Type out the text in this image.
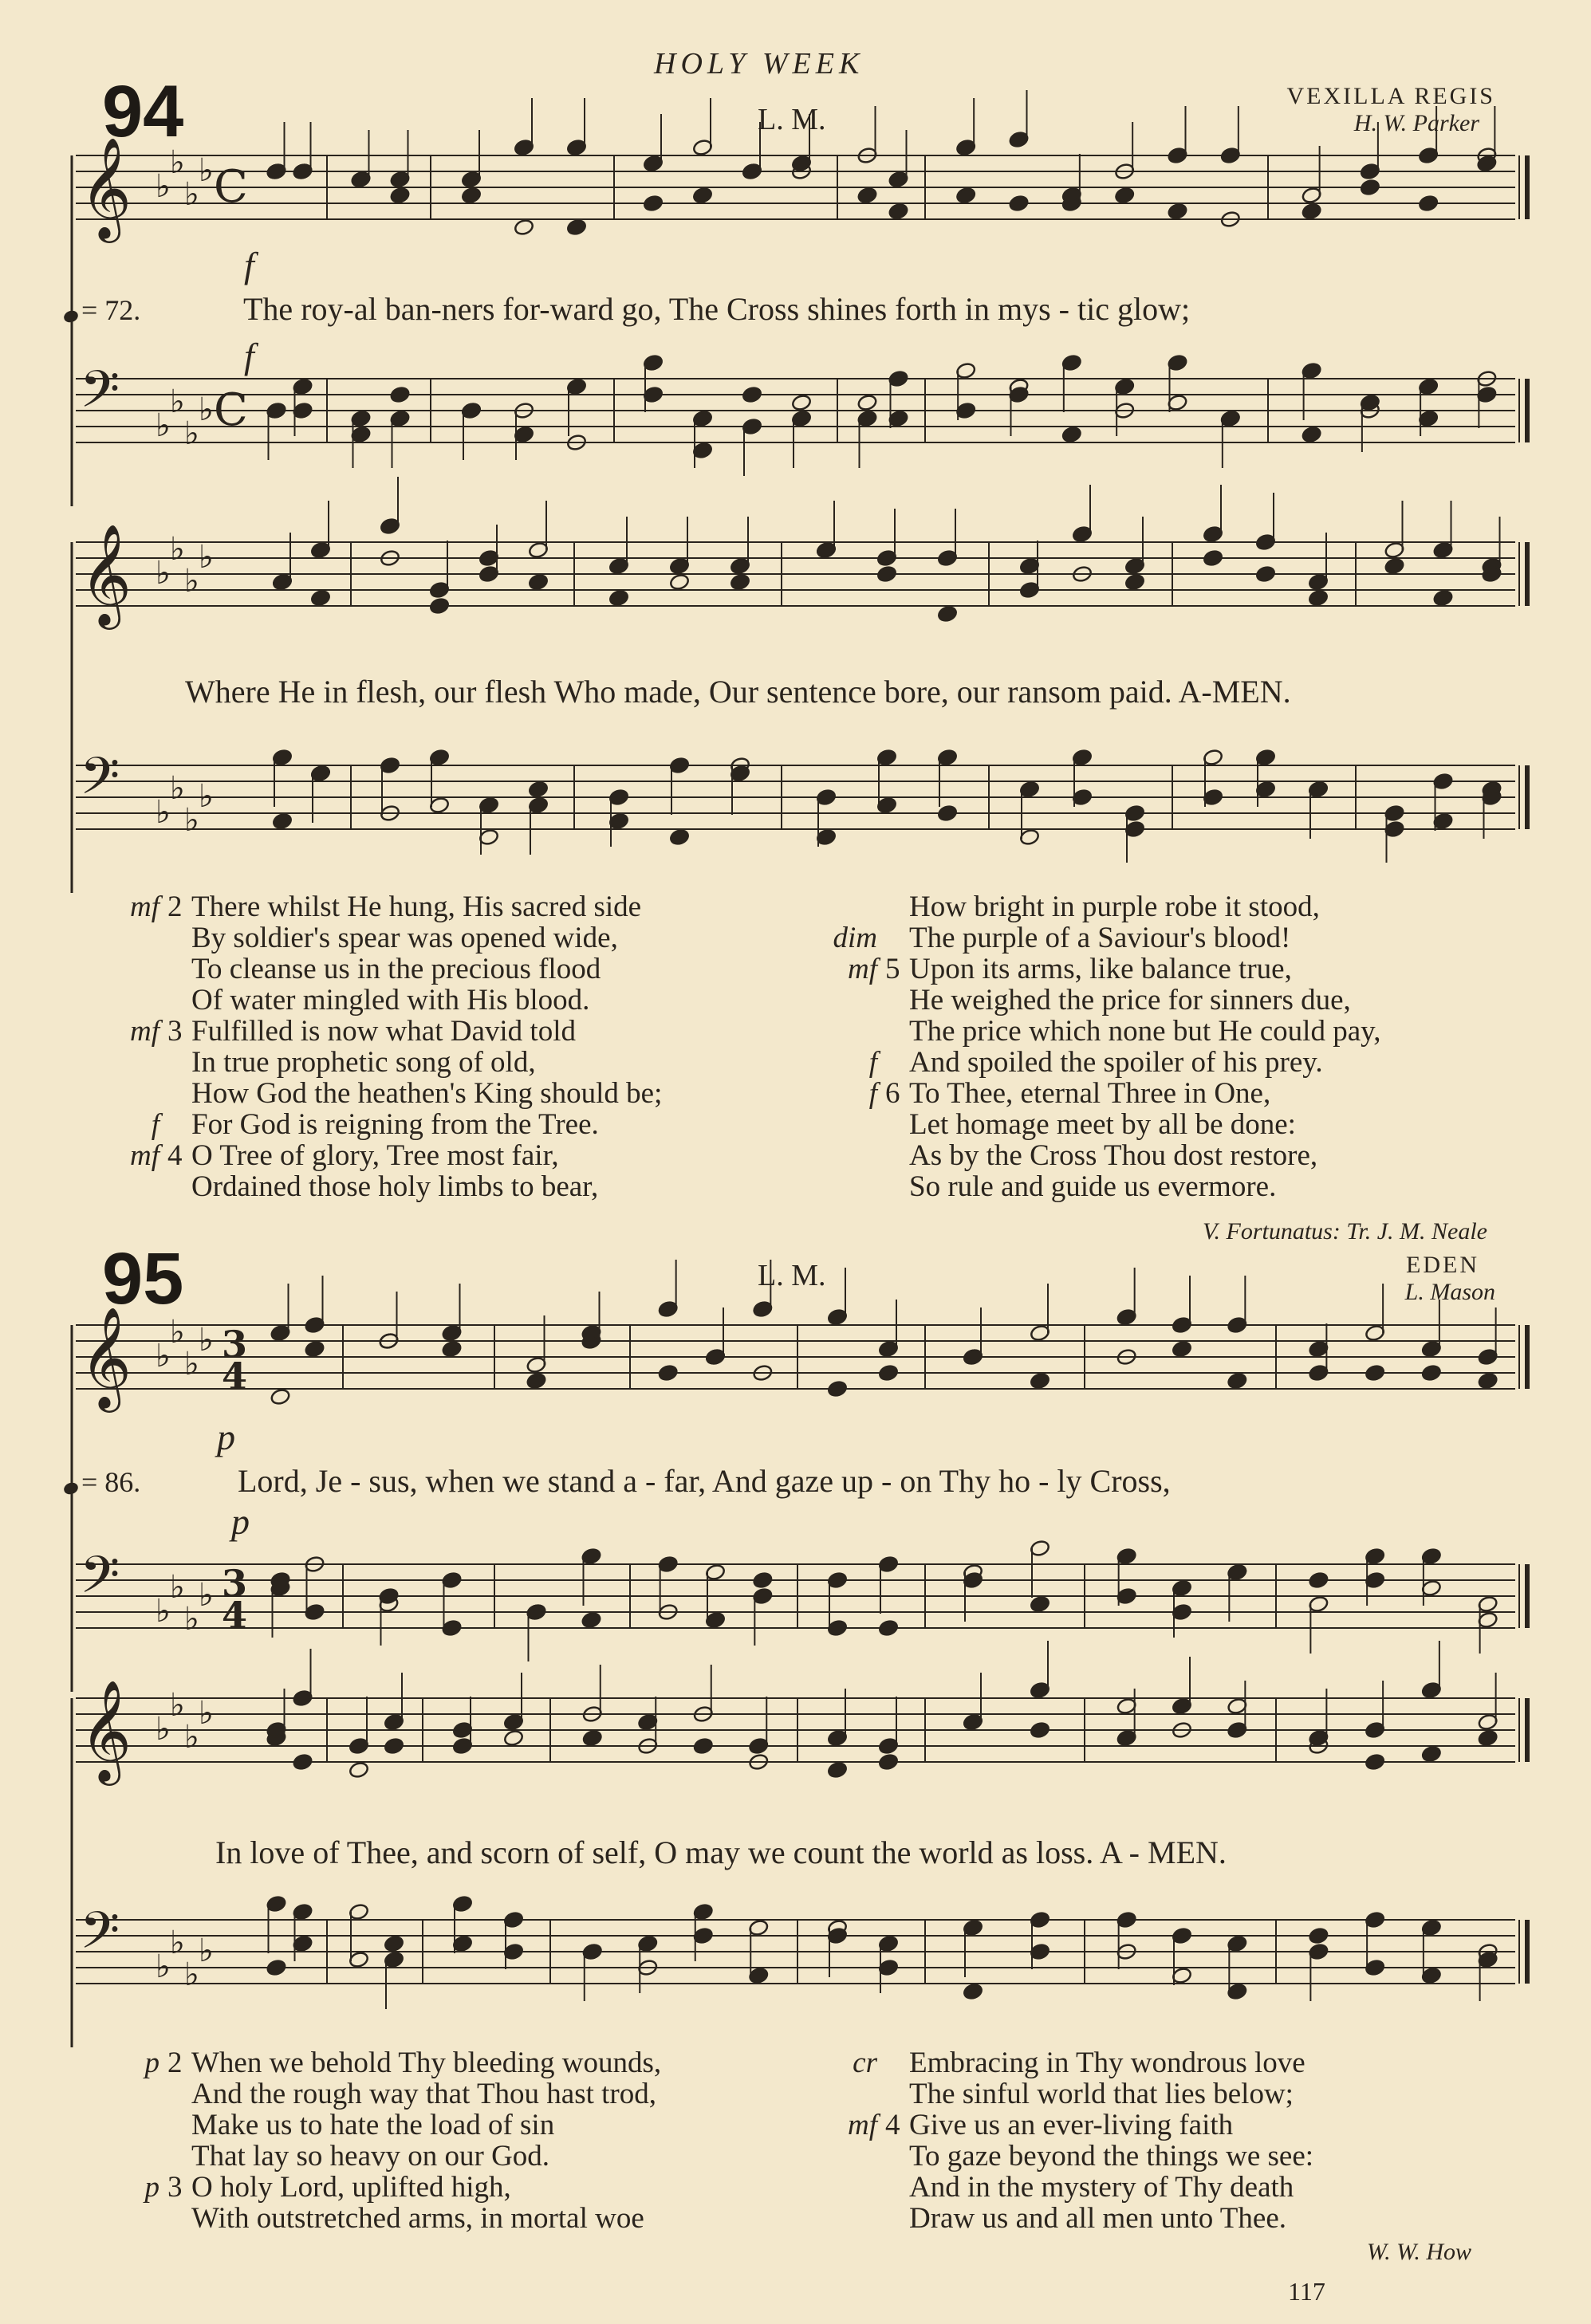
HOLY WEEK
94	L. M.
VEXILLA REGIS
H. W. Parker
𝄞 ♭
♭
♭
♭ C
𝄢 ♭
♭
♭
♭ C
𝄞 ♭
♭
♭
♭
𝄢 ♭
♭
♭
♭
𝄞 ♭
♭
♭
♭ 3
4
𝄢 ♭
♭
♭
♭ 3
4
𝄞 ♭
♭
♭
♭
𝄢 ♭
♭
♭
♭
= 72.	The roy-al ban-ners for-ward go, The Cross shines forth in mys - tic glow;
Where He in flesh, our flesh Who made, Our sentence bore, our ransom paid. A-MEN.
f
f
mf 2 There whilst He hung, His sacred side
By soldier's spear was opened wide,
To cleanse us in the precious flood
Of water mingled with His blood.
mf 3 Fulfilled is now what David told
In true prophetic song of old,
How God the heathen's King should be;
f For God is reigning from the Tree.
mf 4 O Tree of glory, Tree most fair,
Ordained those holy limbs to bear,
How bright in purple robe it stood,
dim The purple of a Saviour's blood!
mf 5 Upon its arms, like balance true,
He weighed the price for sinners due,
The price which none but He could pay,
f And spoiled the spoiler of his prey.
f 6 To Thee, eternal Three in One,
Let homage meet by all be done:
As by the Cross Thou dost restore,
So rule and guide us evermore.
V. Fortunatus: Tr. J. M. Neale
95	L. M.	EDEN
L. Mason
= 86.	Lord, Je - sus, when we stand a - far, And gaze up - on Thy ho - ly Cross,
In love of Thee, and scorn of self, O may we count the world as loss. A - MEN.
p
p
p 2 When we behold Thy bleeding wounds,
And the rough way that Thou hast trod,
Make us to hate the load of sin
That lay so heavy on our God.
p 3 O holy Lord, uplifted high,
With outstretched arms, in mortal woe
cr Embracing in Thy wondrous love
The sinful world that lies below;
mf 4 Give us an ever-living faith
To gaze beyond the things we see:
And in the mystery of Thy death
Draw us and all men unto Thee.
W. W. How
117
